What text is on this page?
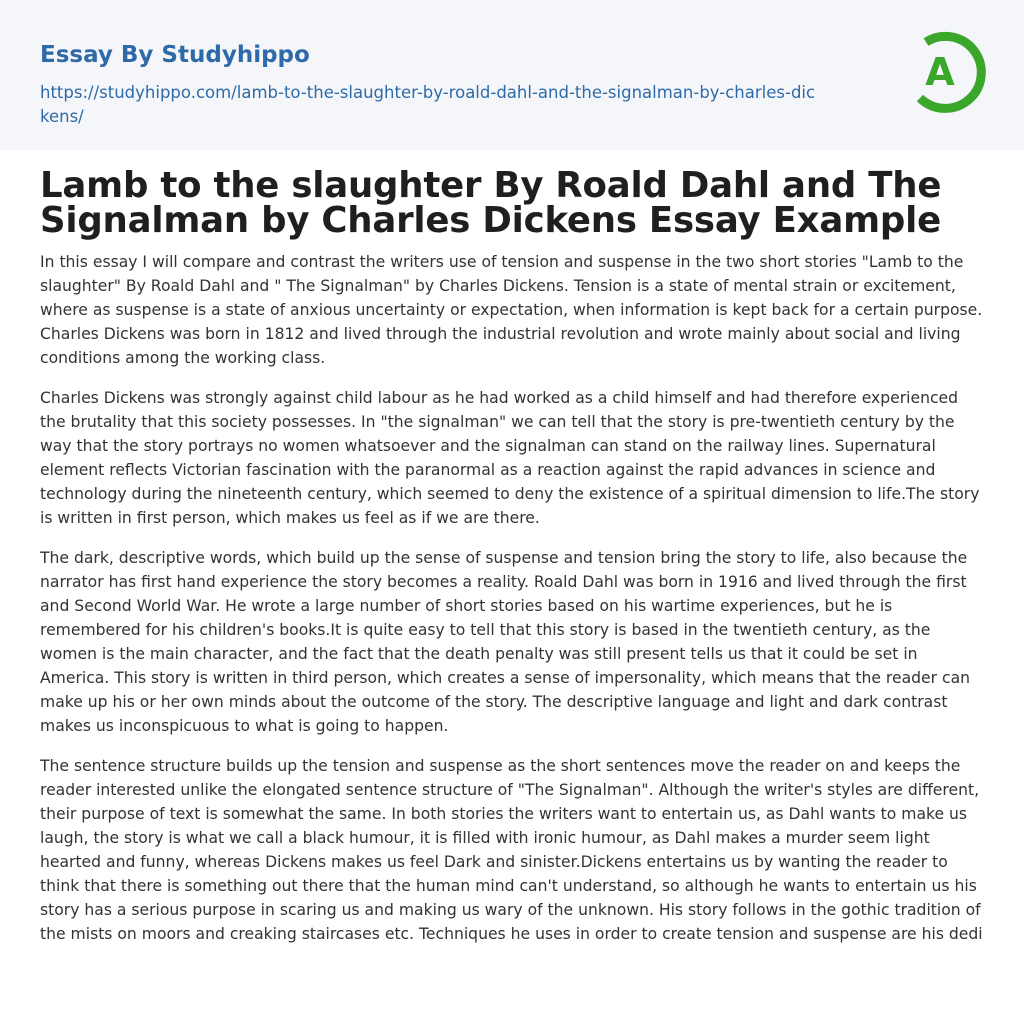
Essay By Studyhippo
https://studyhippo.com/lamb-to-the-slaughter-by-roald-dahl-and-the-signalman-by-charles-dickens/
A
Lamb to the slaughter By Roald Dahl and The Signalman by Charles Dickens Essay Example

In this essay I will compare and contrast the writers use of tension and suspense in the two short stories "Lamb to the slaughter" By Roald Dahl and " The Signalman" by Charles Dickens. Tension is a state of mental strain or excitement, where as suspense is a state of anxious uncertainty or expectation, when information is kept back for a certain purpose. Charles Dickens was born in 1812 and lived through the industrial revolution and wrote mainly about social and living conditions among the working class.

Charles Dickens was strongly against child labour as he had worked as a child himself and had therefore experienced the brutality that this society possesses. In "the signalman" we can tell that the story is pre-twentieth century by the way that the story portrays no women whatsoever and the signalman can stand on the railway lines. Supernatural element reflects Victorian fascination with the paranormal as a reaction against the rapid advances in science and technology during the nineteenth century, which seemed to deny the existence of a spiritual dimension to life.The story is written in first person, which makes us feel as if we are there.

The dark, descriptive words, which build up the sense of suspense and tension bring the story to life, also because the narrator has first hand experience the story becomes a reality. Roald Dahl was born in 1916 and lived through the first and Second World War. He wrote a large number of short stories based on his wartime experiences, but he is remembered for his children's books.It is quite easy to tell that this story is based in the twentieth century, as the women is the main character, and the fact that the death penalty was still present tells us that it could be set in America. This story is written in third person, which creates a sense of impersonality, which means that the reader can make up his or her own minds about the outcome of the story. The descriptive language and light and dark contrast makes us inconspicuous to what is going to happen.

The sentence structure builds up the tension and suspense as the short sentences move the reader on and keeps the reader interested unlike the elongated sentence structure of "The Signalman". Although the writer's styles are different, their purpose of text is somewhat the same. In both stories the writers want to entertain us, as Dahl wants to make us laugh, the story is what we call a black humour, it is filled with ironic humour, as Dahl makes a murder seem light hearted and funny, whereas Dickens makes us feel Dark and sinister.Dickens entertains us by wanting the reader to think that there is something out there that the human mind can't understand, so although he wants to entertain us his story has a serious purpose in scaring us and making us wary of the unknown. His story follows in the gothic tradition of the mists on moors and creaking staircases etc. Techniques he uses in order to create tension and suspense are his dedi
